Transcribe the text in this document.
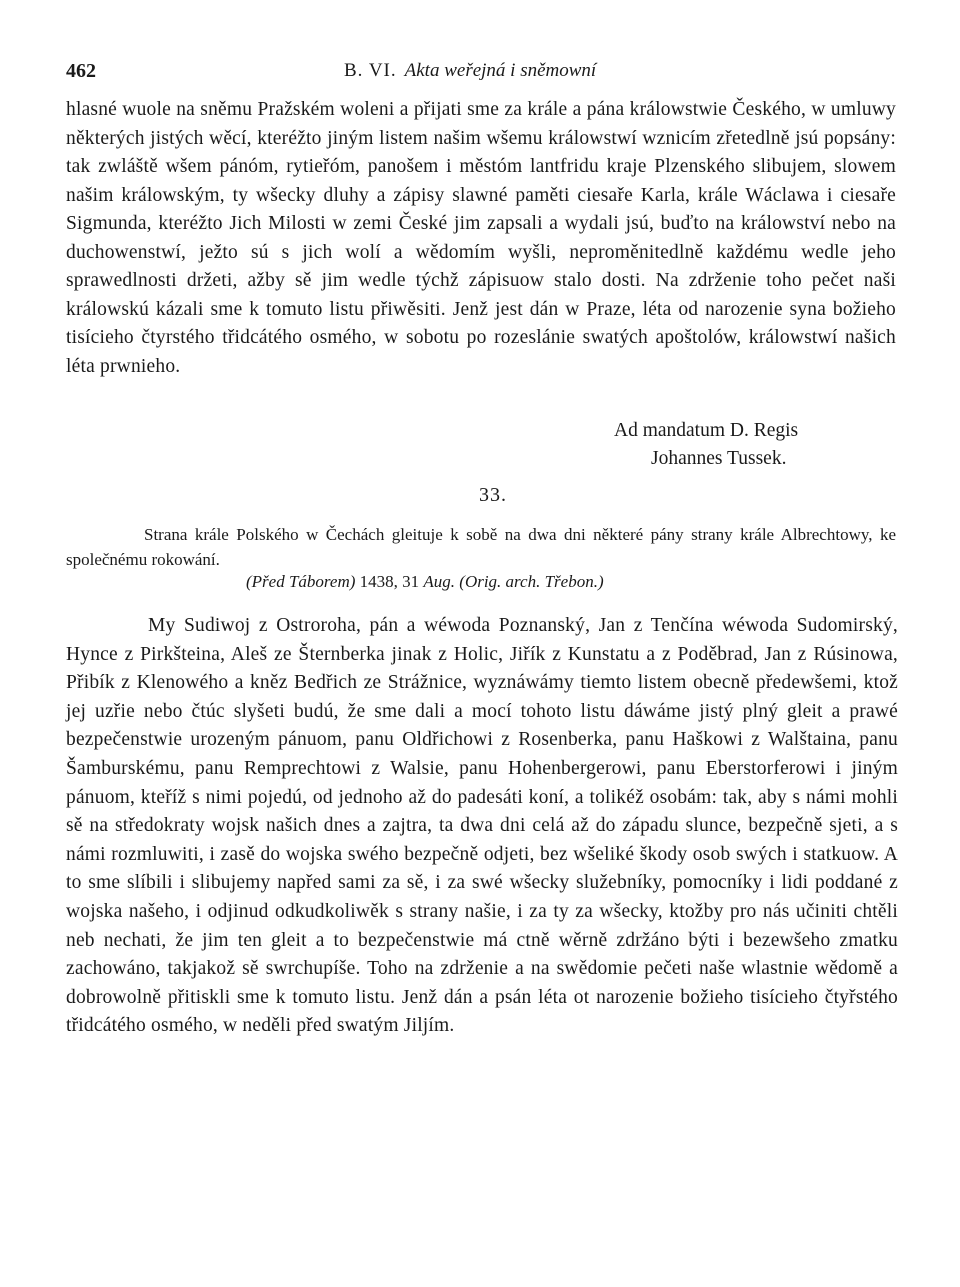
462	B. VI. Akta weřejná i sněmowní
hlasné wuole na sněmu Pražském woleni a přijati sme za krále a pána králowstwie Českého, w umluwy některých jistých wěcí, kteréžto jiným listem našim wšemu králowstwí wznicím zřetedlně jsú popsány: tak zwláště wšem pánóm, rytieřóm, panošem i městóm lantfridu kraje Plzenského slibujem, slowem našim králowským, ty wšecky dluhy a zápisy slawné paměti ciesaře Karla, krále Wáclawa i ciesaře Sigmunda, kteréžto Jich Milosti w zemi České jim zapsali a wydali jsú, buďto na králowství nebo na duchowenstwí, ježto sú s jich wolí a wědomím wyšli, neproměnitedlně každému wedle jeho sprawedlnosti držeti, ažby sě jim wedle týchž zápisuow stalo dosti. Na zdrženie toho pečet naši králowskú kázali sme k tomuto listu přiwěsiti. Jenž jest dán w Praze, léta od narozenie syna božieho tisícieho čtyrstého třidcátého osmého, w sobotu po rozeslánie swatých apoštolów, králowstwí našich léta prwnieho.
Ad mandatum D. Regis
Johannes Tussek.
33.
Strana krále Polského w Čechách gleituje k sobě na dwa dni některé pány strany krále Albrechtowy, ke společnému rokowání.
(Před Táborem) 1438, 31 Aug. (Orig. arch. Třebon.)
My Sudiwoj z Ostroroha, pán a wéwoda Poznanský, Jan z Tenčína wéwoda Sudomirský, Hynce z Pirkšteina, Aleš ze Šternberka jinak z Holic, Jiřík z Kunstatu a z Poděbrad, Jan z Rúsinowa, Přibík z Klenowého a kněz Bedřich ze Strážnice, wyznáwámy tiemto listem obecně předewšemi, ktož jej uzřie nebo čtúc slyšeti budú, že sme dali a mocí tohoto listu dáwáme jistý plný gleit a prawé bezpečenstwie urozeným pánuom, panu Oldřichowi z Rosenberka, panu Haškowi z Walštaina, panu Šamburskému, panu Remprechtowi z Walsie, panu Hohenbergerowi, panu Eberstorferowi i jiným pánuom, kteříž s nimi pojedú, od jednoho až do padesáti koní, a tolikéž osobám: tak, aby s námi mohli sě na středokraty wojsk našich dnes a zajtra, ta dwa dni celá až do západu slunce, bezpečně sjeti, a s námi rozmluwiti, i zasě do wojska swého bezpečně odjeti, bez wšeliké škody osob swých i statkuow. A to sme slíbili i slibujemy napřed sami za sě, i za swé wšecky služebníky, pomocníky i lidi poddané z wojska našeho, i odjinud odkudkoliwěk s strany našie, i za ty za wšecky, ktožby pro nás učiniti chtěli neb nechati, že jim ten gleit a to bezpečenstwie má ctně wěrně zdržáno býti i bezewšeho zmatku zachowáno, takjakož sě swrchupíše. Toho na zdrženie a na swědomie pečeti naše wlastnie wědomě a dobrowolně přitiskli sme k tomuto listu. Jenž dán a psán léta ot narozenie božieho tisícieho čtyřstého třidcátého osmého, w neděli před swatým Jiljím.
